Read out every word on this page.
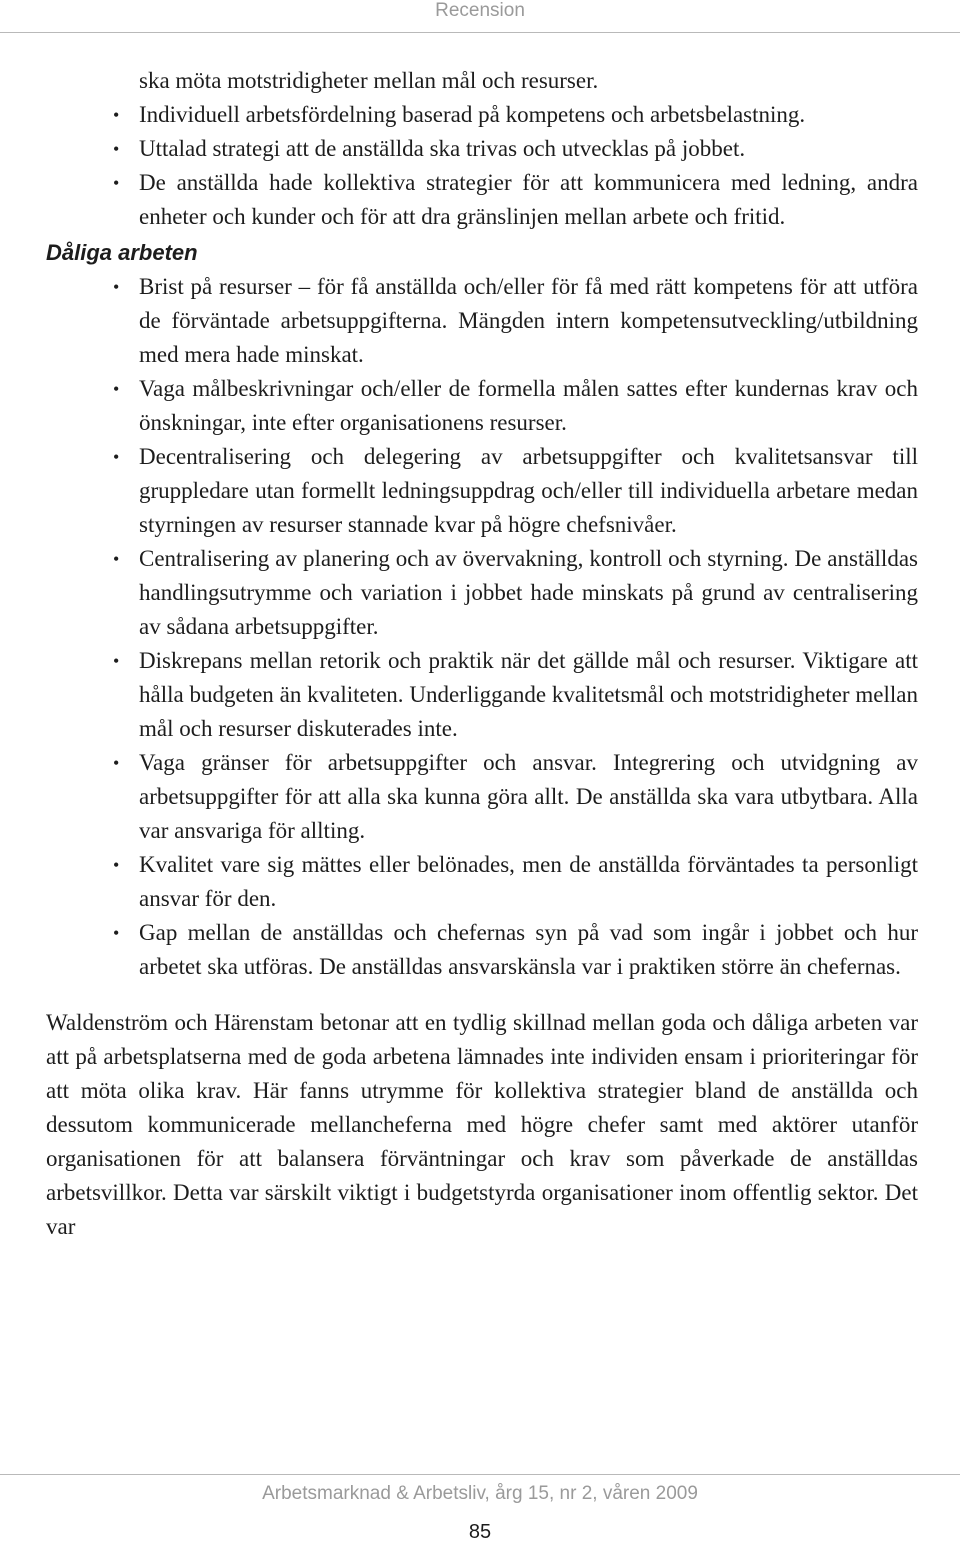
Recension
ska möta motstridigheter mellan mål och resurser.
• Individuell arbetsfördelning baserad på kompetens och arbetsbelastning.
• Uttalad strategi att de anställda ska trivas och utvecklas på jobbet.
• De anställda hade kollektiva strategier för att kommunicera med ledning, andra enheter och kunder och för att dra gränslinjen mellan arbete och fritid.
Dåliga arbeten
• Brist på resurser – för få anställda och/eller för få med rätt kompetens för att utföra de förväntade arbetsuppgifterna. Mängden intern kompetensutveckling/utbildning med mera hade minskat.
• Vaga målbeskrivningar och/eller de formella målen sattes efter kundernas krav och önskningar, inte efter organisationens resurser.
• Decentralisering och delegering av arbetsuppgifter och kvalitetsansvar till gruppledare utan formellt ledningsuppdrag och/eller till individuella arbetare medan styrningen av resurser stannade kvar på högre chefsnivåer.
• Centralisering av planering och av övervakning, kontroll och styrning. De anställdas handlingsutrymme och variation i jobbet hade minskats på grund av centralisering av sådana arbetsuppgifter.
• Diskrepans mellan retorik och praktik när det gällde mål och resurser. Viktigare att hålla budgeten än kvaliteten. Underliggande kvalitetsmål och motstridigheter mellan mål och resurser diskuterades inte.
• Vaga gränser för arbetsuppgifter och ansvar. Integrering och utvidgning av arbetsuppgifter för att alla ska kunna göra allt. De anställda ska vara utbytbara. Alla var ansvariga för allting.
• Kvalitet vare sig mättes eller belönades, men de anställda förväntades ta personligt ansvar för den.
• Gap mellan de anställdas och chefernas syn på vad som ingår i jobbet och hur arbetet ska utföras. De anställdas ansvarskänsla var i praktiken större än chefernas.

Waldenström och Härenstam betonar att en tydlig skillnad mellan goda och dåliga arbeten var att på arbetsplatserna med de goda arbetena lämnades inte individen ensam i prioriteringar för att möta olika krav. Här fanns utrymme för kollektiva strategier bland de anställda och dessutom kommunicerade mellancheferna med högre chefer samt med aktörer utanför organisationen för att balansera förväntningar och krav som påverkade de anställdas arbetsvillkor. Detta var särskilt viktigt i budgetstyrda organisationer inom offentlig sektor. Det var

Arbetsmarknad & Arbetsliv, årg 15, nr 2, våren 2009
85
